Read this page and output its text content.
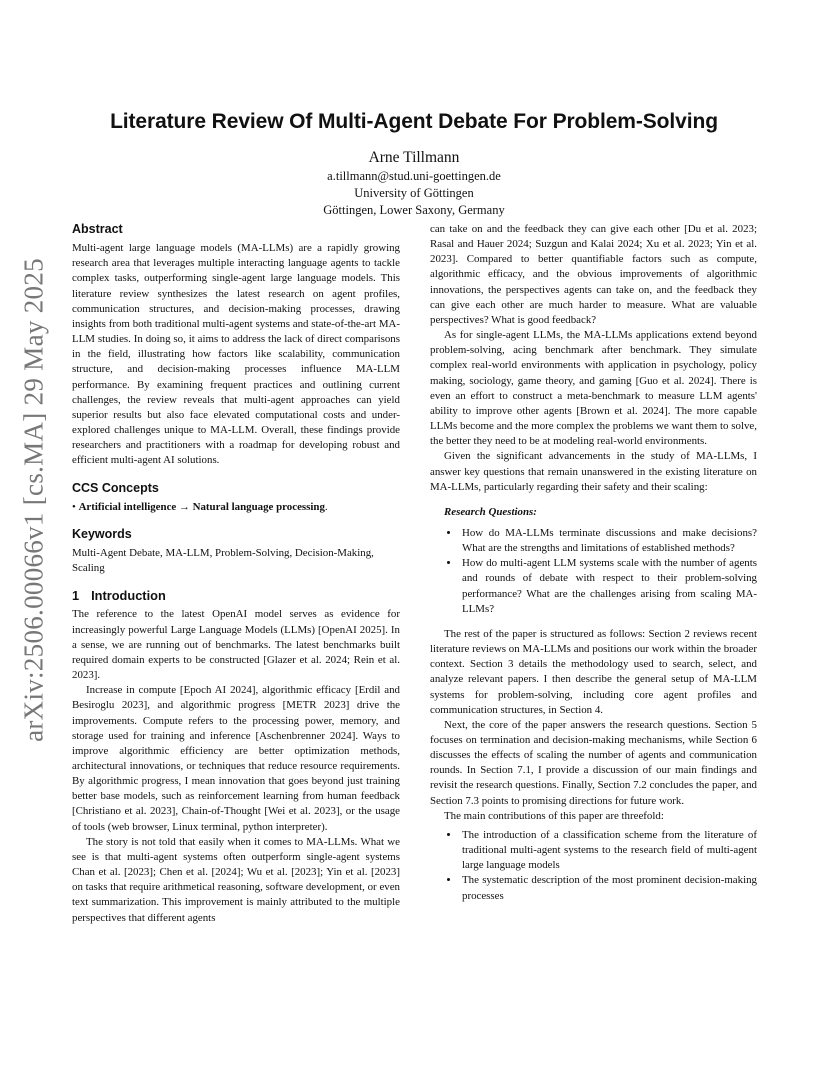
arXiv:2506.00066v1 [cs.MA] 29 May 2025
Literature Review Of Multi-Agent Debate For Problem-Solving
Arne Tillmann
a.tillmann@stud.uni-goettingen.de
University of Göttingen
Göttingen, Lower Saxony, Germany
Abstract

Multi-agent large language models (MA-LLMs) are a rapidly growing research area that leverages multiple interacting language agents to tackle complex tasks, outperforming single-agent large language models. This literature review synthesizes the latest research on agent profiles, communication structures, and decision-making processes, drawing insights from both traditional multi-agent systems and state-of-the-art MA-LLM studies. In doing so, it aims to address the lack of direct comparisons in the field, illustrating how factors like scalability, communication structure, and decision-making processes influence MA-LLM performance. By examining frequent practices and outlining current challenges, the review reveals that multi-agent approaches can yield superior results but also face elevated computational costs and under-explored challenges unique to MA-LLM. Overall, these findings provide researchers and practitioners with a roadmap for developing robust and efficient multi-agent AI solutions.

CCS Concepts

• Artificial intelligence → Natural language processing.

Keywords

Multi-Agent Debate, MA-LLM, Problem-Solving, Decision-Making, Scaling

1 Introduction

The reference to the latest OpenAI model serves as evidence for increasingly powerful Large Language Models (LLMs) [OpenAI 2025]. In a sense, we are running out of benchmarks. The latest benchmarks built required domain experts to be constructed [Glazer et al. 2024; Rein et al. 2023].

Increase in compute [Epoch AI 2024], algorithmic efficacy [Erdil and Besiroglu 2023], and algorithmic progress [METR 2023] drive the improvements. Compute refers to the processing power, memory, and storage used for training and inference [Aschenbrenner 2024]. Ways to improve algorithmic efficiency are better optimization methods, architectural innovations, or techniques that reduce resource requirements. By algorithmic progress, I mean innovation that goes beyond just training better base models, such as reinforcement learning from human feedback [Christiano et al. 2023], Chain-of-Thought [Wei et al. 2023], or the usage of tools (web browser, Linux terminal, python interpreter).

The story is not told that easily when it comes to MA-LLMs. What we see is that multi-agent systems often outperform single-agent systems Chan et al. [2023]; Chen et al. [2024]; Wu et al. [2023]; Yin et al. [2023] on tasks that require arithmetical reasoning, software development, or even text summarization. This improvement is mainly attributed to the multiple perspectives that different agents

can take on and the feedback they can give each other [Du et al. 2023; Rasal and Hauer 2024; Suzgun and Kalai 2024; Xu et al. 2023; Yin et al. 2023]. Compared to better quantifiable factors such as compute, algorithmic efficacy, and the obvious improvements of algorithmic innovations, the perspectives agents can take on, and the feedback they can give each other are much harder to measure. What are valuable perspectives? What is good feedback?

As for single-agent LLMs, the MA-LLMs applications extend beyond problem-solving, acing benchmark after benchmark. They simulate complex real-world environments with application in psychology, policy making, sociology, game theory, and gaming [Guo et al. 2024]. There is even an effort to construct a meta-benchmark to measure LLM agents' ability to improve other agents [Brown et al. 2024]. The more capable LLMs become and the more complex the problems we want them to solve, the better they need to be at modeling real-world environments.

Given the significant advancements in the study of MA-LLMs, I answer key questions that remain unanswered in the existing literature on MA-LLMs, particularly regarding their safety and their scaling:

Research Questions:
• How do MA-LLMs terminate discussions and make decisions? What are the strengths and limitations of established methods?
• How do multi-agent LLM systems scale with the number of agents and rounds of debate with respect to their problem-solving performance? What are the challenges arising from scaling MA-LLMs?

The rest of the paper is structured as follows: Section 2 reviews recent literature reviews on MA-LLMs and positions our work within the broader context. Section 3 details the methodology used to search, select, and analyze relevant papers. I then describe the general setup of MA-LLM systems for problem-solving, including core agent profiles and communication structures, in Section 4.

Next, the core of the paper answers the research questions. Section 5 focuses on termination and decision-making mechanisms, while Section 6 discusses the effects of scaling the number of agents and communication rounds. In Section 7.1, I provide a discussion of our main findings and revisit the research questions. Finally, Section 7.2 concludes the paper, and Section 7.3 points to promising directions for future work.

The main contributions of this paper are threefold:

• The introduction of a classification scheme from the literature of traditional multi-agent systems to the research field of multi-agent large language models
• The systematic description of the most prominent decision-making processes
